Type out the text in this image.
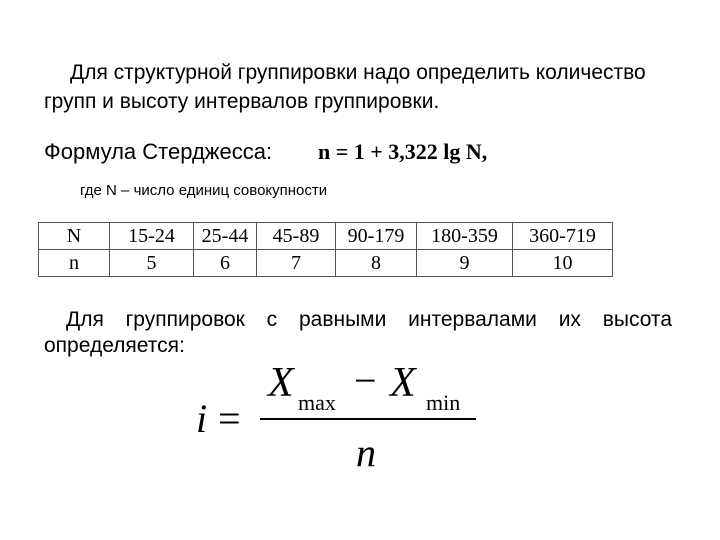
Для структурной группировки надо определить количество групп и высоту интервалов группировки.

Формула Стерджесса: n = 1 + 3,322 lg N,
где N – число единиц совокупности
N	15-24	25-44	45-89	90-179	180-359	360-719
n	5	6	7	8	9	10

Для группировок с равными интервалами их высота определяется:

i =
X max − X min
n
